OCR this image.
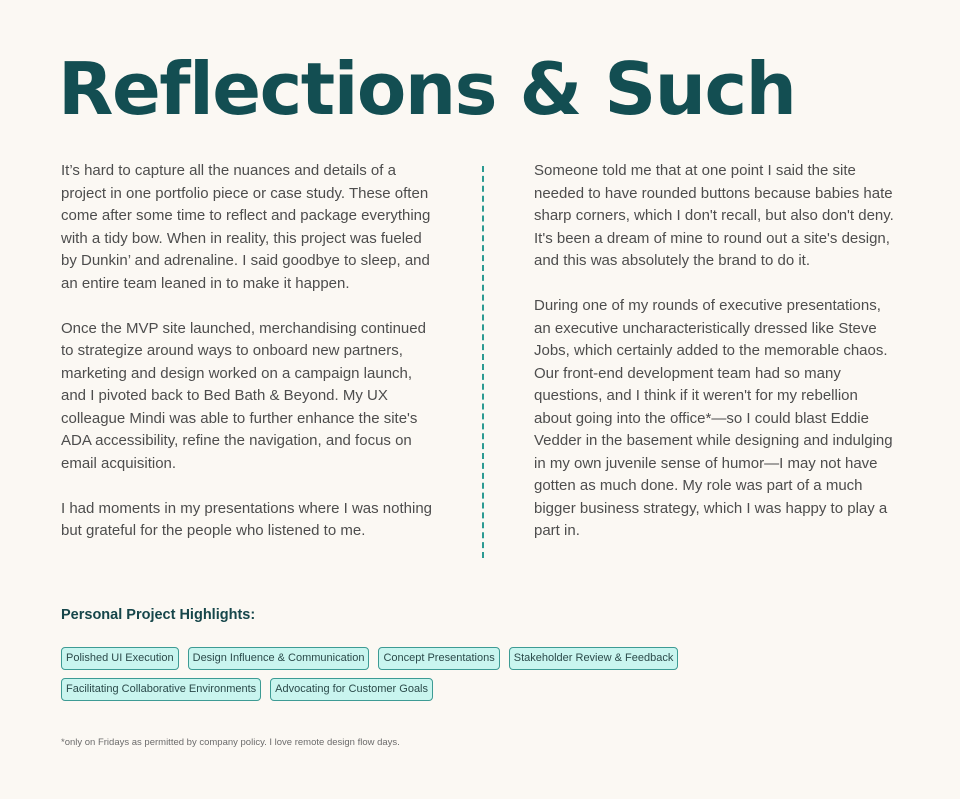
Reflections & Such

It’s hard to capture all the nuances and details of a project in one portfolio piece or case study. These often come after some time to reflect and package everything with a tidy bow. When in reality, this project was fueled by Dunkin’ and adrenaline. I said goodbye to sleep, and an entire team leaned in to make it happen.

Once the MVP site launched, merchandising continued to strategize around ways to onboard new partners, marketing and design worked on a campaign launch, and I pivoted back to Bed Bath & Beyond. My UX colleague Mindi was able to further enhance the site's ADA accessibility, refine the navigation, and focus on email acquisition.

I had moments in my presentations where I was nothing but grateful for the people who listened to me.

Someone told me that at one point I said the site needed to have rounded buttons because babies hate sharp corners, which I don't recall, but also don't deny. It's been a dream of mine to round out a site's design, and this was absolutely the brand to do it.

During one of my rounds of executive presentations, an executive uncharacteristically dressed like Steve Jobs, which certainly added to the memorable chaos. Our front-end development team had so many questions, and I think if it weren't for my rebellion about going into the office*—so I could blast Eddie Vedder in the basement while designing and indulging in my own juvenile sense of humor—I may not have gotten as much done. My role was part of a much bigger business strategy, which I was happy to play a part in.

Personal Project Highlights:
Polished UI Execution	Design Influence & Communication	Concept Presentations	Stakeholder Review & Feedback
Facilitating Collaborative Environments	Advocating for Customer Goals

*only on Fridays as permitted by company policy. I love remote design flow days.
